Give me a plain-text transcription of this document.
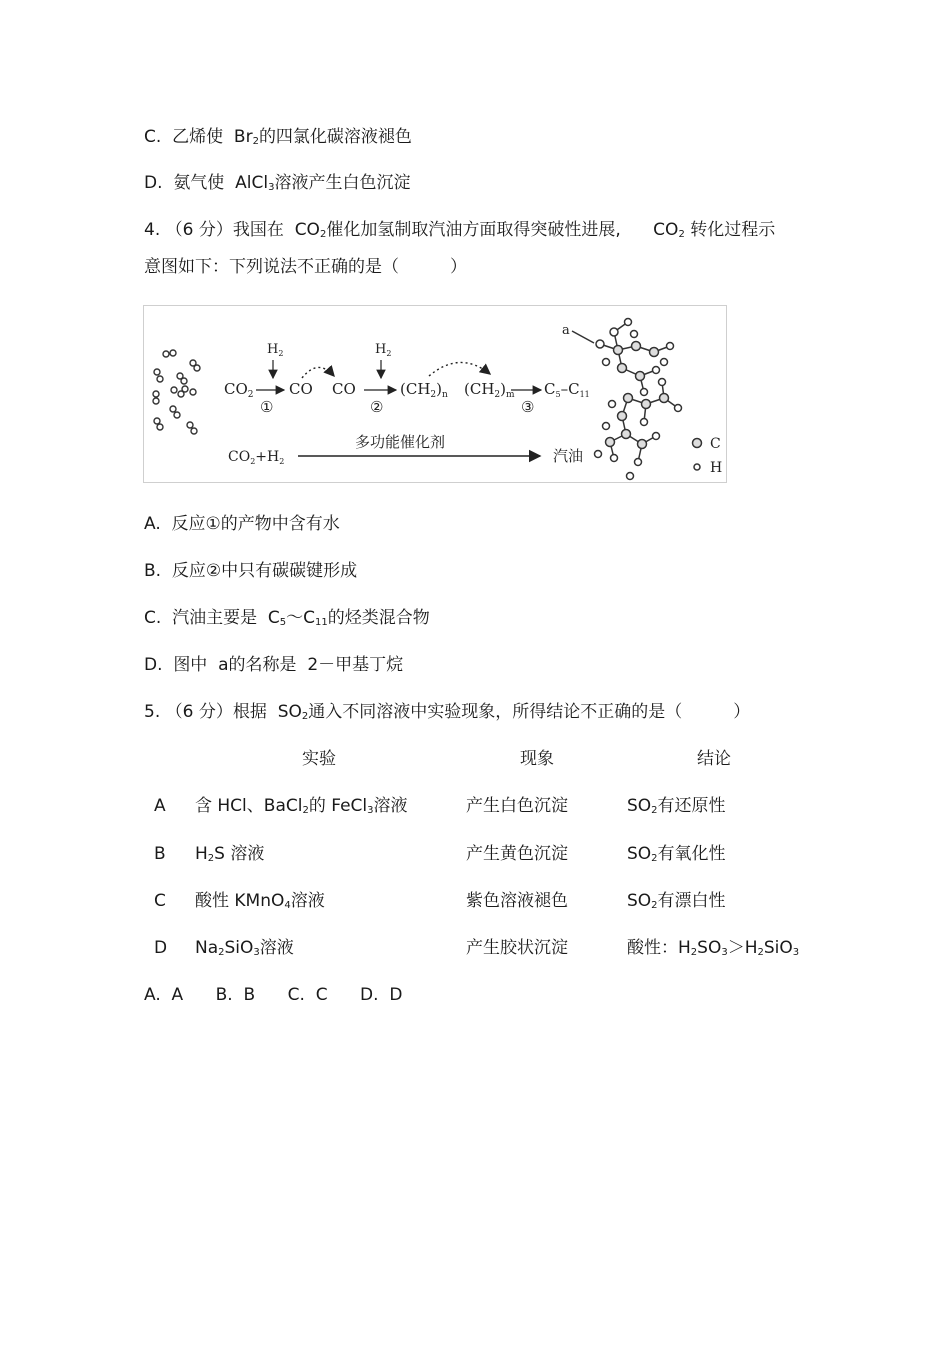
C. 乙烯使 $Br_2$的四氯化碳溶液褪色
D. 氨气使 AlCl$_3$溶液产生白色沉淀
4. （6 分）我国在 $CO_2$催化加氢制取汽油方面取得突破性进展, $CO_2$ 转化过程示
意图如下：下列说法不正确的是（　　　）
$CO_2$
$H_2$
①
CO CO
$H_2$
②
$(CH_2)_n$ $(CH_2)_m$
③
$C_5-C_{11}$
$CO_2+H_2$
多功能催化剂
汽油
a
C
H
A. 反应①的产物中含有水
B. 反应②中只有碳碳键形成
C. 汽油主要是 $C_5\sim C_{11}$的烃类混合物
D. 图中 a的名称是 2－甲基丁烷
5. （6 分）根据 $SO_2$通入不同溶液中实验现象，所得结论不正确的是（　　　）
实验	现象	结论
A 含 HCl、BaCl$_2$的 FeCl$_3$溶液	产生白色沉淀	$SO_2$有还原性
B $H_2S$ 溶液	产生黄色沉淀	$SO_2$有氧化性
C 酸性 KMnO$_4$溶液	紫色溶液褪色	$SO_2$有漂白性
D $Na_2SiO_3$溶液	产生胶状沉淀	酸性：$H_2SO_3>H_2SiO_3$
A. A B. B C. C D. D
